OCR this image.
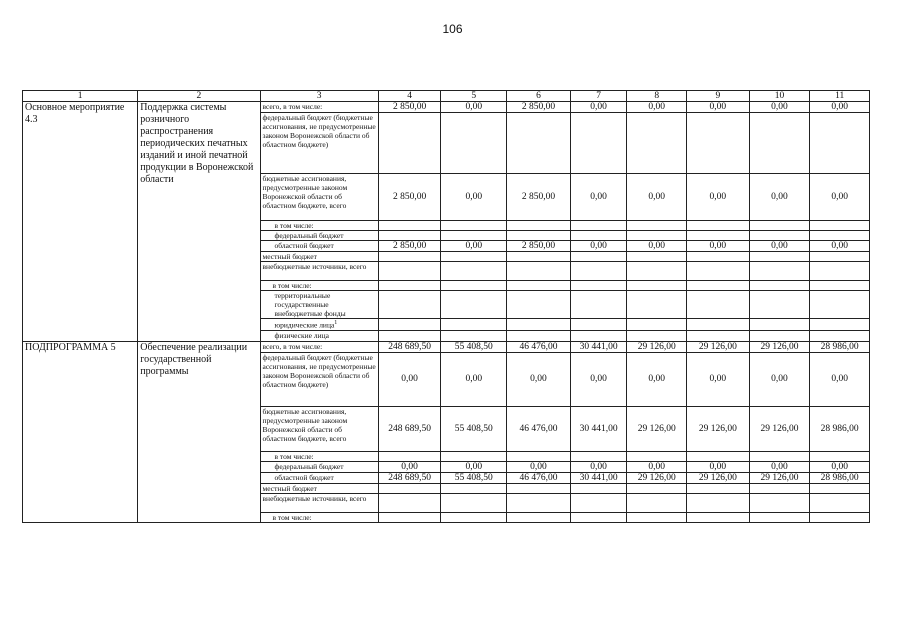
106
1	2	3	4	5	6	7	8	9	10	11
Основное мероприятие 4.3	Поддержка системы розничного распространения периодических печатных изданий и иной печатной продукции в Воронежской области	всего, в том числе:	2 850,00	0,00	2 850,00	0,00	0,00	0,00	0,00	0,00
		федеральный бюджет (бюджетные ассигнования, не предусмотренные законом Воронежской области об областном бюджете)								
		бюджетные ассигнования, предусмотренные законом Воронежской области об областном бюджете, всего	2 850,00	0,00	2 850,00	0,00	0,00	0,00	0,00	0,00
		в том числе:								
		федеральный бюджет								
		областной бюджет	2 850,00	0,00	2 850,00	0,00	0,00	0,00	0,00	0,00
		местный бюджет								
		внебюджетные источники, всего								
		в том числе:								
		территориальные государственные внебюджетные фонды								
		юридические лица$^1$								
		физические лица								
ПОДПРОГРАММА 5	Обеспечение реализации государственной программы	всего, в том числе:	248 689,50	55 408,50	46 476,00	30 441,00	29 126,00	29 126,00	29 126,00	28 986,00
		федеральный бюджет (бюджетные ассигнования, не предусмотренные законом Воронежской области об областном бюджете)	0,00	0,00	0,00	0,00	0,00	0,00	0,00	0,00
		бюджетные ассигнования, предусмотренные законом Воронежской области об областном бюджете, всего	248 689,50	55 408,50	46 476,00	30 441,00	29 126,00	29 126,00	29 126,00	28 986,00
		в том числе:								
		федеральный бюджет	0,00	0,00	0,00	0,00	0,00	0,00	0,00	0,00
		областной бюджет	248 689,50	55 408,50	46 476,00	30 441,00	29 126,00	29 126,00	29 126,00	28 986,00
		местный бюджет								
		внебюджетные источники, всего								
		в том числе:								
